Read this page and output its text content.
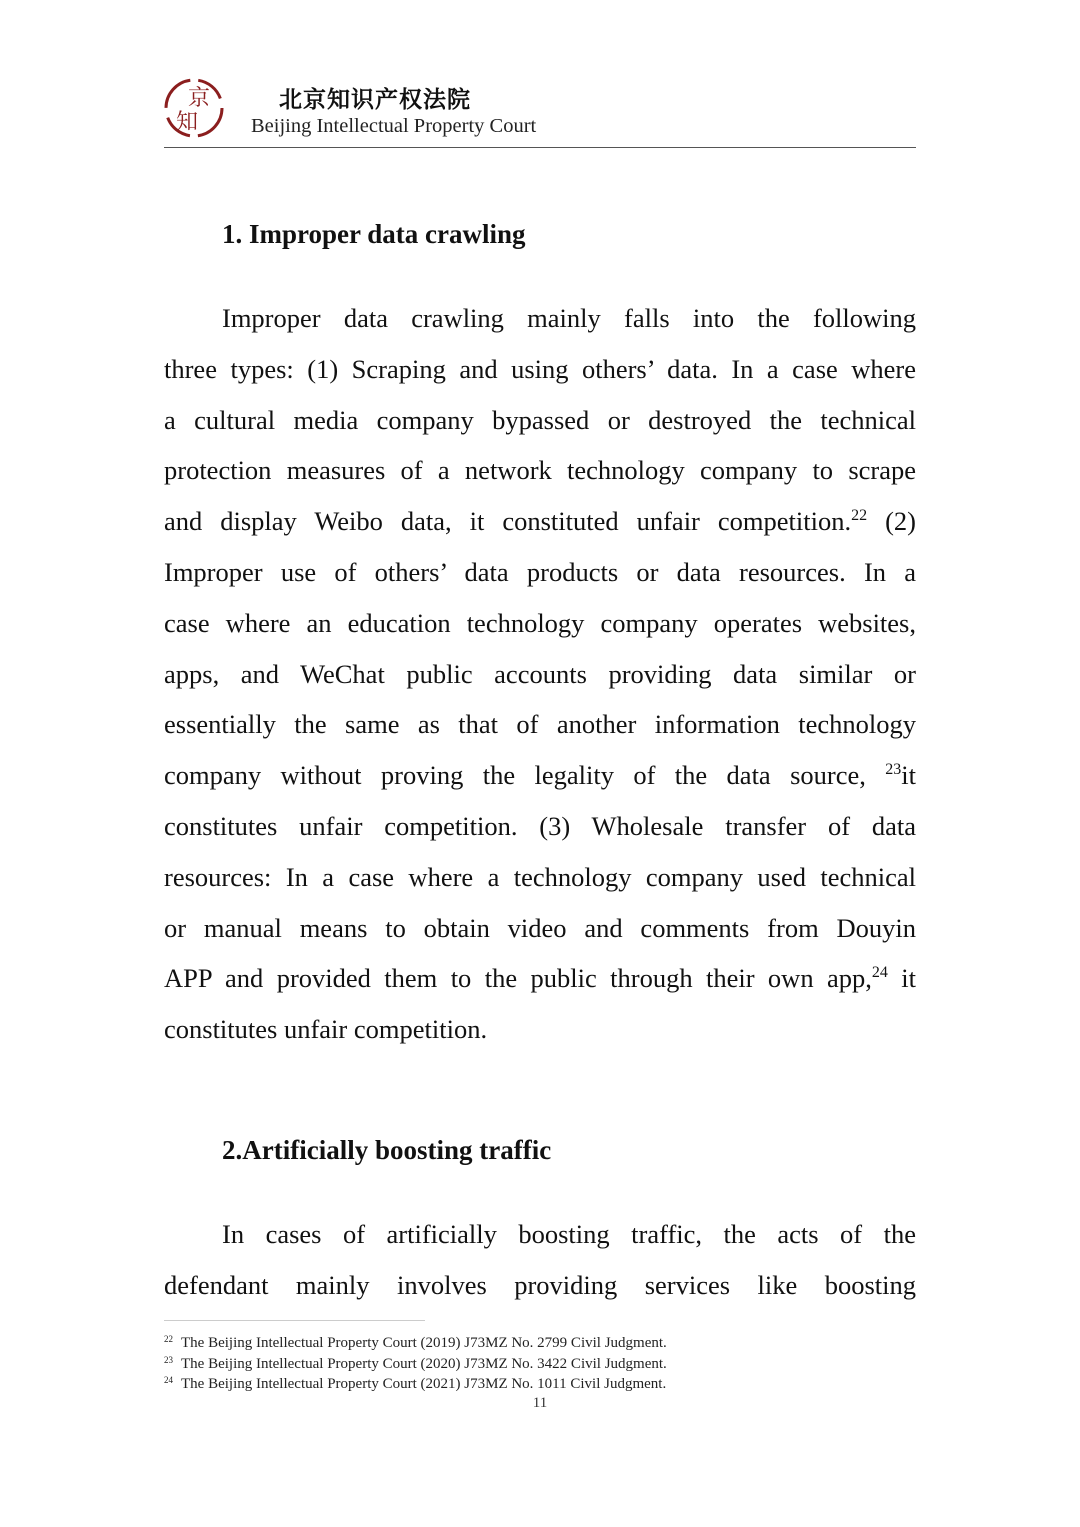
京
知
北京知识产权法院
Beijing Intellectual Property Court
1. Improper data crawling
Improper data crawling mainly falls into the following
three types: (1) Scraping and using others’ data. In a case where
a cultural media company bypassed or destroyed the technical
protection measures of a network technology company to scrape
and display Weibo data, it constituted unfair competition.$^{22}$ (2)
Improper use of others’ data products or data resources. In a
case where an education technology company operates websites,
apps, and WeChat public accounts providing data similar or
essentially the same as that of another information technology
company without proving the legality of the data source, $^{23}$it
constitutes unfair competition. (3) Wholesale transfer of data
resources: In a case where a technology company used technical
or manual means to obtain video and comments from Douyin
APP and provided them to the public through their own app,$^{24}$ it
constitutes unfair competition.
2.Artificially boosting traffic
In cases of artificially boosting traffic, the acts of the
defendant mainly involves providing services like boosting
$^{22}$ The Beijing Intellectual Property Court (2019) J73MZ No. 2799 Civil Judgment.
$^{23}$ The Beijing Intellectual Property Court (2020) J73MZ No. 3422 Civil Judgment.
$^{24}$ The Beijing Intellectual Property Court (2021) J73MZ No. 1011 Civil Judgment.
11
